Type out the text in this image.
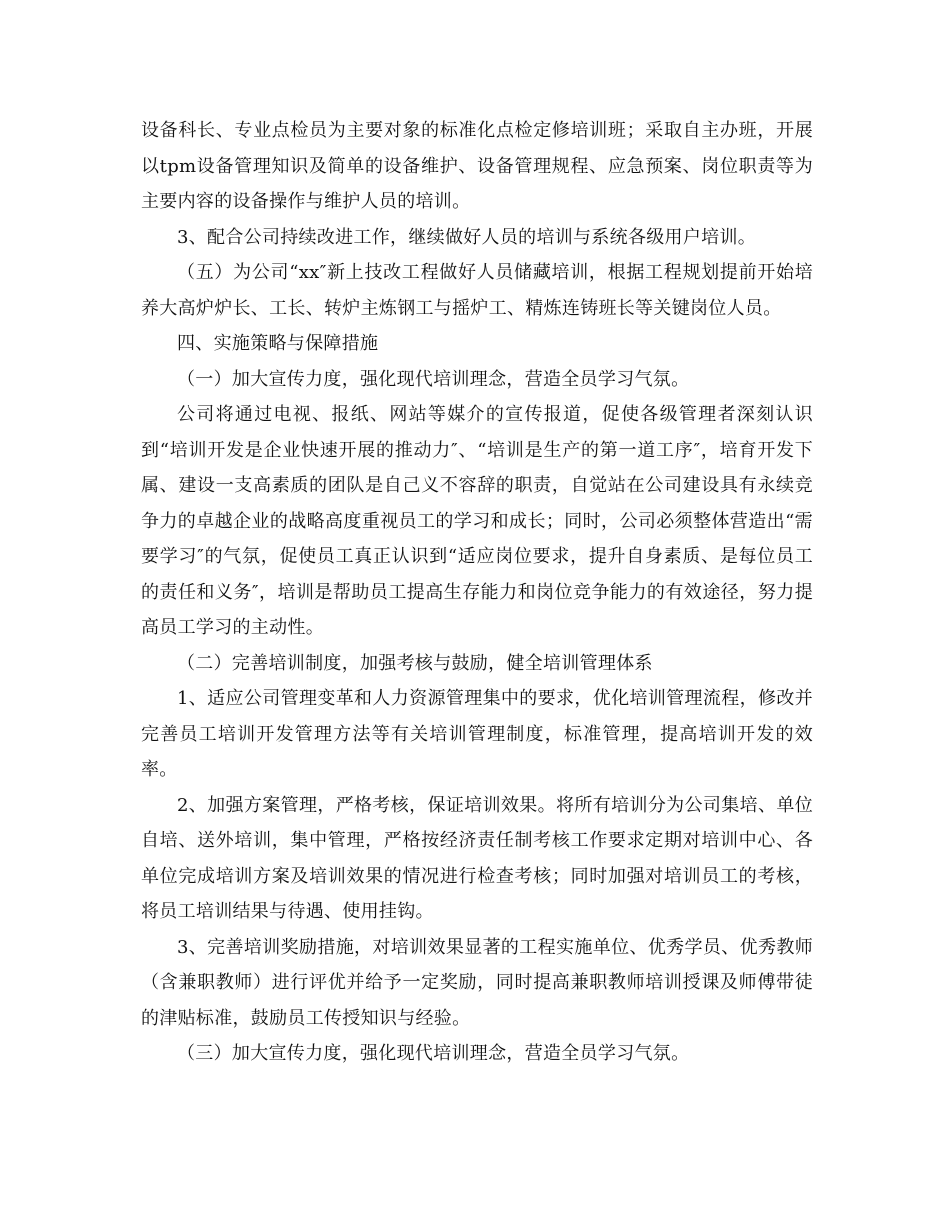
设备科长、专业点检员为主要对象的标准化点检定修培训班；采取自主办班，开展以tpm设备管理知识及简单的设备维护、设备管理规程、应急预案、岗位职责等为主要内容的设备操作与维护人员的培训。

3、配合公司持续改进工作，继续做好人员的培训与系统各级用户培训。

（五）为公司“xx″新上技改工程做好人员储藏培训，根据工程规划提前开始培养大高炉炉长、工长、转炉主炼钢工与摇炉工、精炼连铸班长等关键岗位人员。

四、实施策略与保障措施

（一）加大宣传力度，强化现代培训理念，营造全员学习气氛。

公司将通过电视、报纸、网站等媒介的宣传报道，促使各级管理者深刻认识到“培训开发是企业快速开展的推动力″、“培训是生产的第一道工序″，培育开发下属、建设一支高素质的团队是自己义不容辞的职责，自觉站在公司建设具有永续竞争力的卓越企业的战略高度重视员工的学习和成长；同时，公司必须整体营造出“需要学习″的气氛，促使员工真正认识到“适应岗位要求，提升自身素质、是每位员工的责任和义务″，培训是帮助员工提高生存能力和岗位竞争能力的有效途径，努力提高员工学习的主动性。

（二）完善培训制度，加强考核与鼓励，健全培训管理体系

1、适应公司管理变革和人力资源管理集中的要求，优化培训管理流程，修改并完善员工培训开发管理方法等有关培训管理制度，标准管理，提高培训开发的效率。

2、加强方案管理，严格考核，保证培训效果。将所有培训分为公司集培、单位自培、送外培训，集中管理，严格按经济责任制考核工作要求定期对培训中心、各单位完成培训方案及培训效果的情况进行检查考核；同时加强对培训员工的考核，将员工培训结果与待遇、使用挂钩。

3、完善培训奖励措施，对培训效果显著的工程实施单位、优秀学员、优秀教师（含兼职教师）进行评优并给予一定奖励，同时提高兼职教师培训授课及师傅带徒的津贴标准，鼓励员工传授知识与经验。

（三）加大宣传力度，强化现代培训理念，营造全员学习气氛。
